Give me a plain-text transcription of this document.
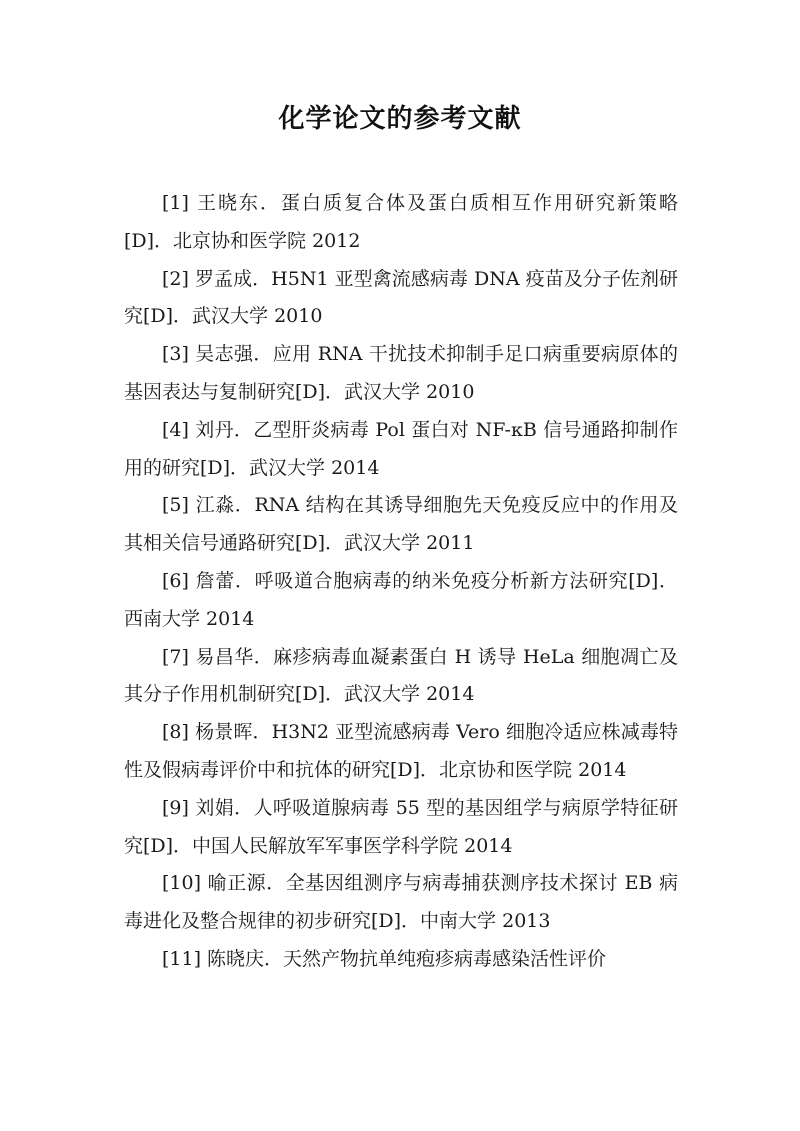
化学论文的参考文献

[1] 王晓东．蛋白质复合体及蛋白质相互作用研究新策略[D]．北京协和医学院 2012

[2] 罗孟成．H5N1 亚型禽流感病毒 DNA 疫苗及分子佐剂研究[D]．武汉大学 2010

[3] 吴志强．应用 RNA 干扰技术抑制手足口病重要病原体的基因表达与复制研究[D]．武汉大学 2010

[4] 刘丹．乙型肝炎病毒 Pol 蛋白对 NF-κB 信号通路抑制作用的研究[D]．武汉大学 2014

[5] 江淼．RNA 结构在其诱导细胞先天免疫反应中的作用及其相关信号通路研究[D]．武汉大学 2011

[6] 詹蕾．呼吸道合胞病毒的纳米免疫分析新方法研究[D]．西南大学 2014

[7] 易昌华．麻疹病毒血凝素蛋白 H 诱导 HeLa 细胞凋亡及其分子作用机制研究[D]．武汉大学 2014

[8] 杨景晖．H3N2 亚型流感病毒 Vero 细胞冷适应株减毒特性及假病毒评价中和抗体的研究[D]．北京协和医学院 2014

[9] 刘娟．人呼吸道腺病毒 55 型的基因组学与病原学特征研究[D]．中国人民解放军军事医学科学院 2014

[10] 喻正源．全基因组测序与病毒捕获测序技术探讨 EB 病毒进化及整合规律的初步研究[D]．中南大学 2013

[11] 陈晓庆．天然产物抗单纯疱疹病毒感染活性评价
